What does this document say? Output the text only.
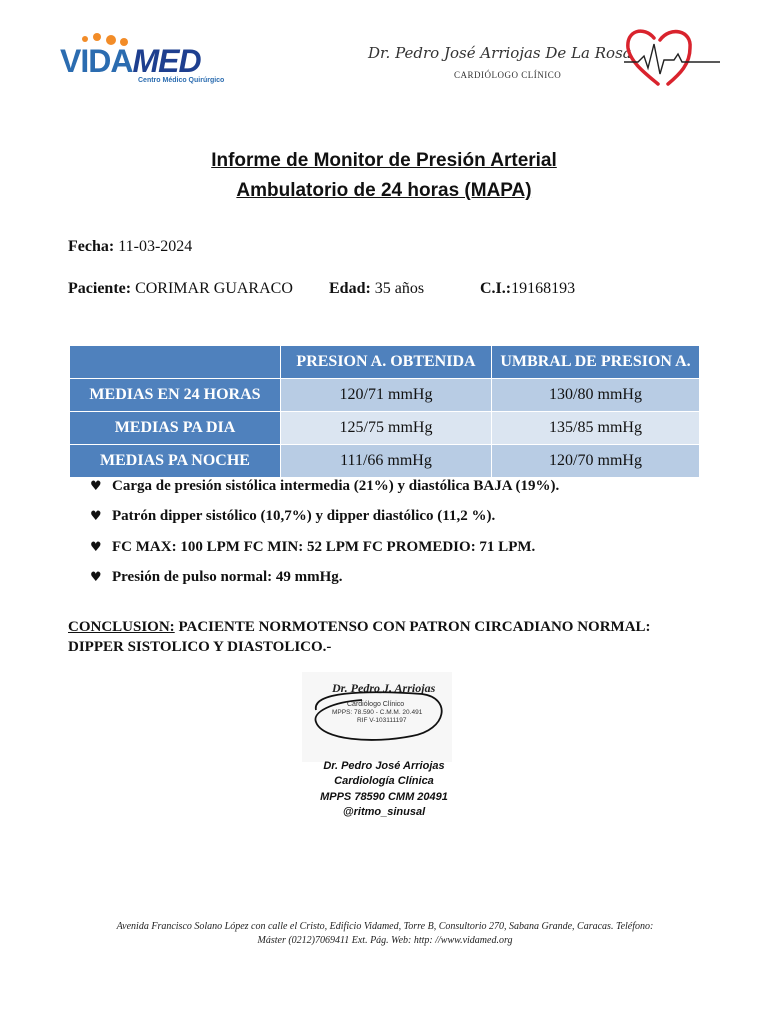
VIDAMED
Centro Médico Quirúrgico
Dr. Pedro José Arriojas De La Rosa
CARDIÓLOGO CLÍNICO
Informe de Monitor de Presión Arterial
Ambulatorio de 24 horas (MAPA)
Fecha: 11-03-2024
Paciente: CORIMAR GUARACO Edad: 35 años	C.I.:19168193
	PRESION A. OBTENIDA	UMBRAL DE PRESION A.
MEDIAS EN 24 HORAS	120/71 mmHg	130/80 mmHg
MEDIAS PA DIA	125/75 mmHg	135/85 mmHg
MEDIAS PA NOCHE	111/66 mmHg	120/70 mmHg
♥ Carga de presión sistólica intermedia (21%) y diastólica BAJA (19%).
♥ Patrón dipper sistólico (10,7%) y dipper diastólico (11,2 %).
♥ FC MAX: 100 LPM FC MIN: 52 LPM FC PROMEDIO: 71 LPM.
♥ Presión de pulso normal: 49 mmHg.
CONCLUSION: PACIENTE NORMOTENSO CON PATRON CIRCADIANO NORMAL: DIPPER SISTOLICO Y DIASTOLICO.-
Dr. Pedro J. Arriojas
Cardiólogo Clínico
MPPS: 78.590 - C.M.M. 20.491
RIF V-103111197
Dr. Pedro José Arriojas
Cardiología Clínica
MPPS 78590 CMM 20491
@ritmo_sinusal
Avenida Francisco Solano López con calle el Cristo, Edificio Vidamed, Torre B, Consultorio 270, Sabana Grande, Caracas. Teléfono:
Máster (0212)7069411 Ext. Pág. Web: http: //www.vidamed.org
